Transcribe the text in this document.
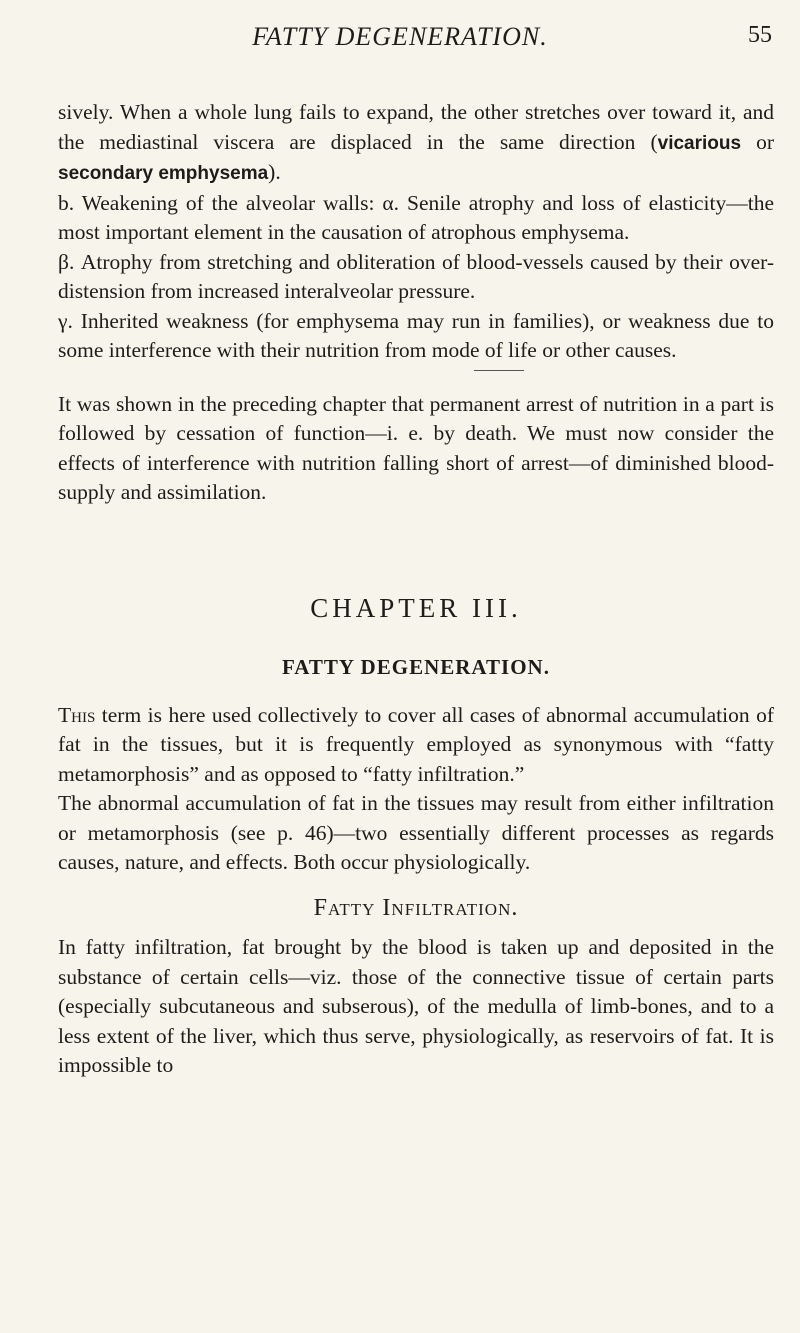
FATTY DEGENERATION.	55

sively. When a whole lung fails to expand, the other stretches over toward it, and the mediastinal viscera are displaced in the same direction (vicarious or secondary emphysema).

b. Weakening of the alveolar walls: α. Senile atrophy and loss of elasticity—the most important element in the causation of atrophous emphysema.

β. Atrophy from stretching and obliteration of blood-vessels caused by their over-distension from increased interalveolar pressure.

γ. Inherited weakness (for emphysema may run in families), or weakness due to some interference with their nutrition from mode of life or other causes.

It was shown in the preceding chapter that permanent arrest of nutrition in a part is followed by cessation of function—i. e. by death. We must now consider the effects of interference with nutrition falling short of arrest—of diminished blood-supply and assimilation.

CHAPTER III.
FATTY DEGENERATION.

This term is here used collectively to cover all cases of abnormal accumulation of fat in the tissues, but it is frequently employed as synonymous with “fatty metamorphosis” and as opposed to “fatty infiltration.”

The abnormal accumulation of fat in the tissues may result from either infiltration or metamorphosis (see p. 46)—two essentially different processes as regards causes, nature, and effects. Both occur physiologically.

Fatty Infiltration.

In fatty infiltration, fat brought by the blood is taken up and deposited in the substance of certain cells—viz. those of the connective tissue of certain parts (especially subcutaneous and subserous), of the medulla of limb-bones, and to a less extent of the liver, which thus serve, physiologically, as reservoirs of fat. It is impossible to
